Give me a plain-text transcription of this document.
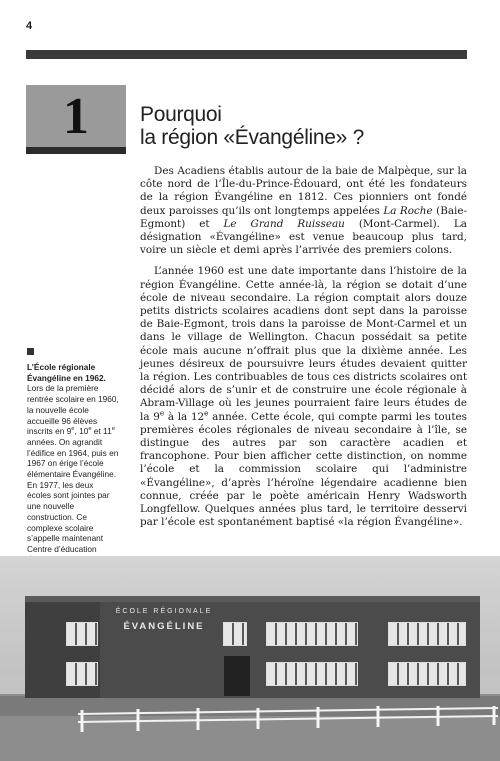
4
1	Pourquoi
la région «Évangéline» ?

Des Acadiens établis autour de la baie de Malpèque, sur la côte nord de l’Île-du-Prince-Édouard, ont été les fondateurs de la région Évangéline en 1812. Ces pionniers ont fondé deux paroisses qu’ils ont longtemps appelées La Roche (Baie-Egmont) et Le Grand Ruisseau (Mont-Carmel). La désignation «Évangéline» est venue beaucoup plus tard, voire un siècle et demi après l’arrivée des premiers colons.

L’année 1960 est une date importante dans l’histoire de la région Évangéline. Cette année-là, la région se dotait d’une école de niveau secondaire. La région comptait alors douze petits districts scolaires acadiens dont sept dans la paroisse de Baie-Egmont, trois dans la paroisse de Mont-Carmel et un dans le village de Wellington. Chacun possédait sa petite école mais aucune n’offrait plus que la dixième année. Les jeunes désireux de poursuivre leurs études devaient quitter la région. Les contribuables de tous ces districts scolaires ont décidé alors de s’unir et de construire une école régionale à Abram-Village où les jeunes pourraient faire leurs études de la 9e à la 12e année. Cette école, qui compte parmi les toutes premières écoles régionales de niveau secondaire à l’île, se distingue des autres par son caractère acadien et francophone. Pour bien afficher cette distinction, on nomme l’école et la commission scolaire qui l’administre «Évangéline», d’après l’héroïne légendaire acadienne bien connue, créée par le poète américain Henry Wadsworth Longfellow. Quelques années plus tard, le territoire desservi par l’école est spontanément baptisé «la région Évangéline».

L’École régionale Évangéline en 1962.
Lors de la première rentrée scolaire en 1960, la nouvelle école accueille 96 élèves inscrits en 9e, 10e et 11e années. On agrandit l’édifice en 1964, puis en 1967 on érige l’école élémentaire Évangéline. En 1977, les deux écoles sont jointes par une nouvelle construction. Ce complexe scolaire s’appelle maintenant Centre d’éducation
ÉCOLE RÉGIONALE
ÉVANGÉLINE
